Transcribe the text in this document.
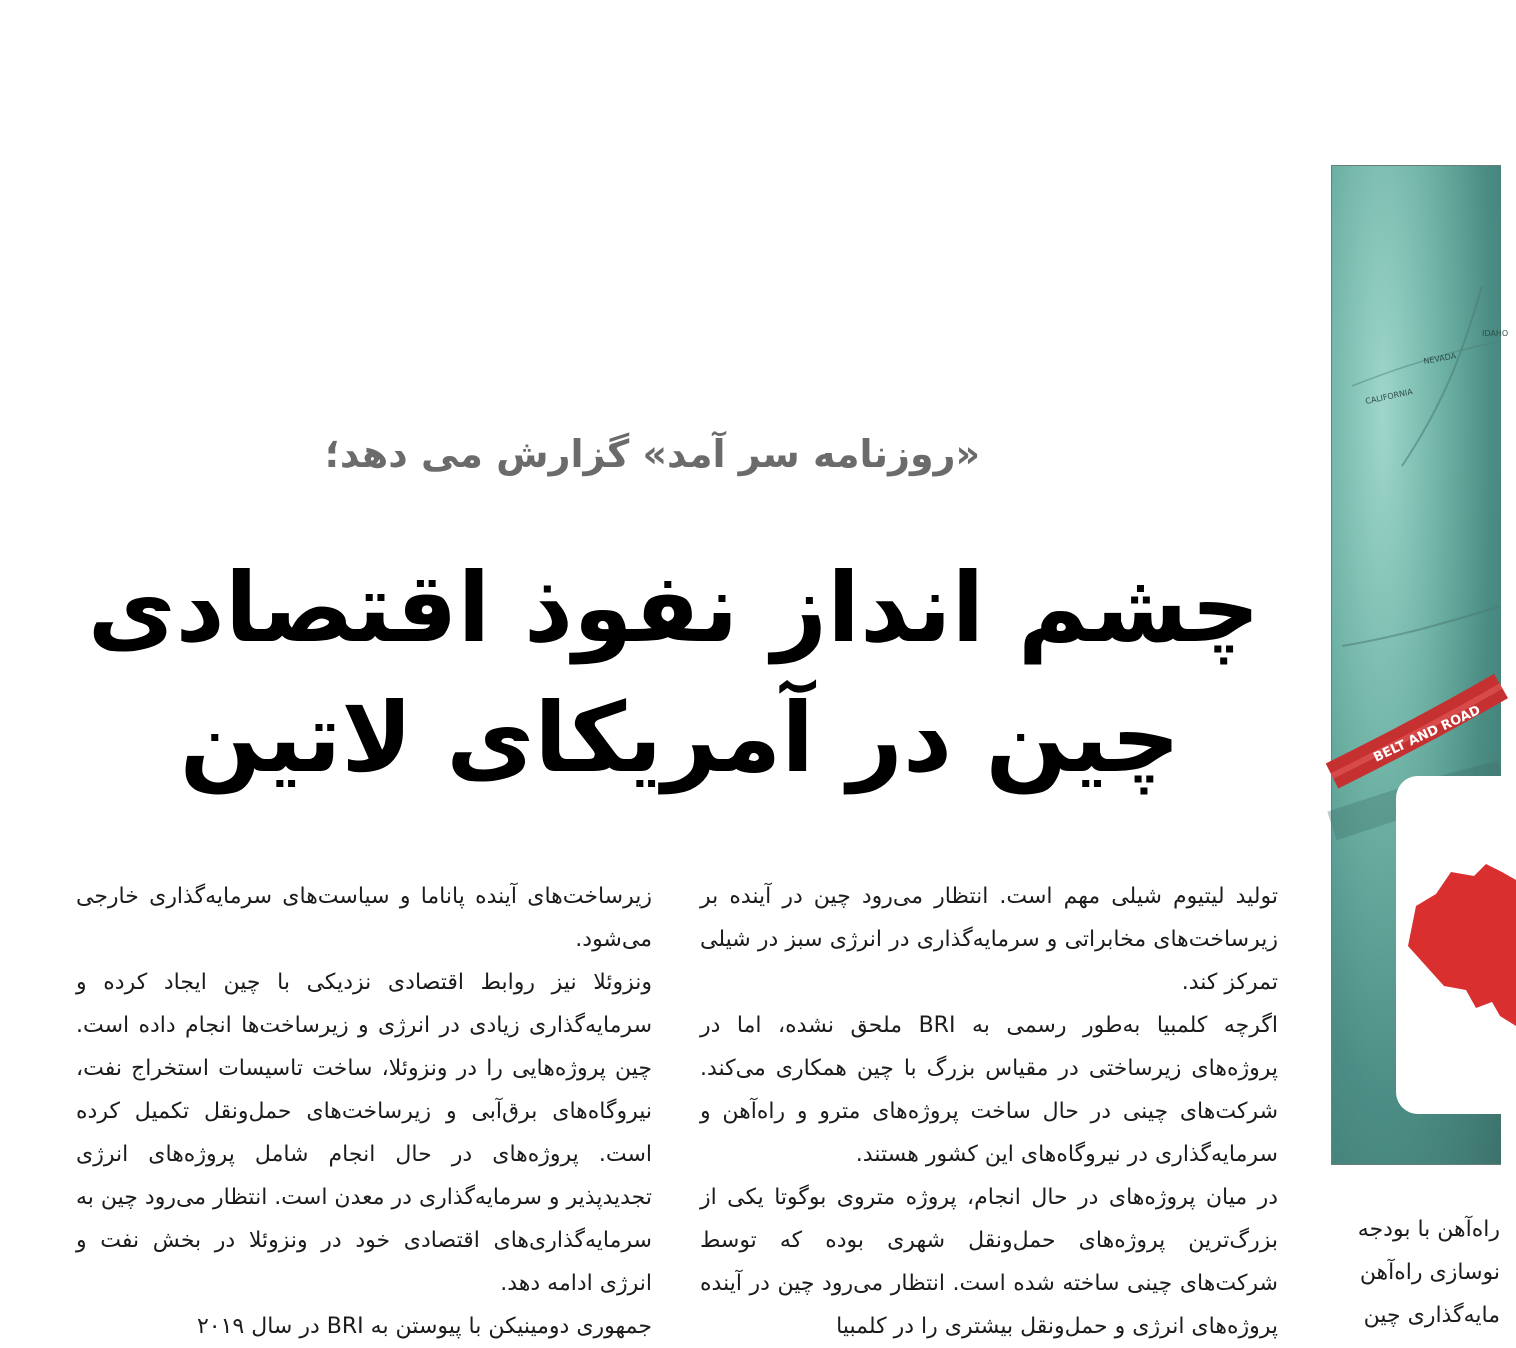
«روزنامه سر آمد» گزارش می دهد؛
چشم انداز نفوذ اقتصادی
چین در آمریکای لاتین

تولید لیتیوم شیلی مهم است. انتظار می‌رود چین در آینده بر زیرساخت‌های مخابراتی و سرمایه‌گذاری در انرژی سبز در شیلی تمرکز کند.

اگرچه کلمبیا به‌طور رسمی به BRI ملحق نشده، اما در پروژه‌های زیرساختی در مقیاس بزرگ با چین همکاری می‌کند. شرکت‌های چینی در حال ساخت پروژه‌های مترو و راه‌آهن و سرمایه‌گذاری در نیروگاه‌های این کشور هستند.

در میان پروژه‌های در حال انجام، پروژه متروی بوگوتا یکی از بزرگ‌ترین پروژه‌های حمل‌ونقل شهری بوده که توسط شرکت‌های چینی ساخته شده است. انتظار می‌رود چین در آینده پروژه‌های انرژی و حمل‌ونقل بیشتری را در کلمبیا

زیرساخت‌های آینده پاناما و سیاست‌های سرمایه‌گذاری خارجی می‌شود.

ونزوئلا نیز روابط اقتصادی نزدیکی با چین ایجاد کرده و سرمایه‌گذاری زیادی در انرژی و زیرساخت‌ها انجام داده است. چین پروژه‌هایی را در ونزوئلا، ساخت تاسیسات استخراج نفت، نیروگاه‌های برق‌آبی و زیرساخت‌های حمل‌ونقل تکمیل کرده است. پروژه‌های در حال انجام شامل پروژه‌های انرژی تجدیدپذیر و سرمایه‌گذاری در معدن است. انتظار می‌رود چین به سرمایه‌گذاری‌های اقتصادی خود در ونزوئلا در بخش نفت و انرژی ادامه دهد.

جمهوری دومینیکن با پیوستن به BRI در سال ۲۰۱۹

راه‌آهن با بودجه

نوسازی راه‌آهن

مایه‌گذاری چین

IDAHO
NEVADA
CALIFORNIA
BELT AND ROAD
